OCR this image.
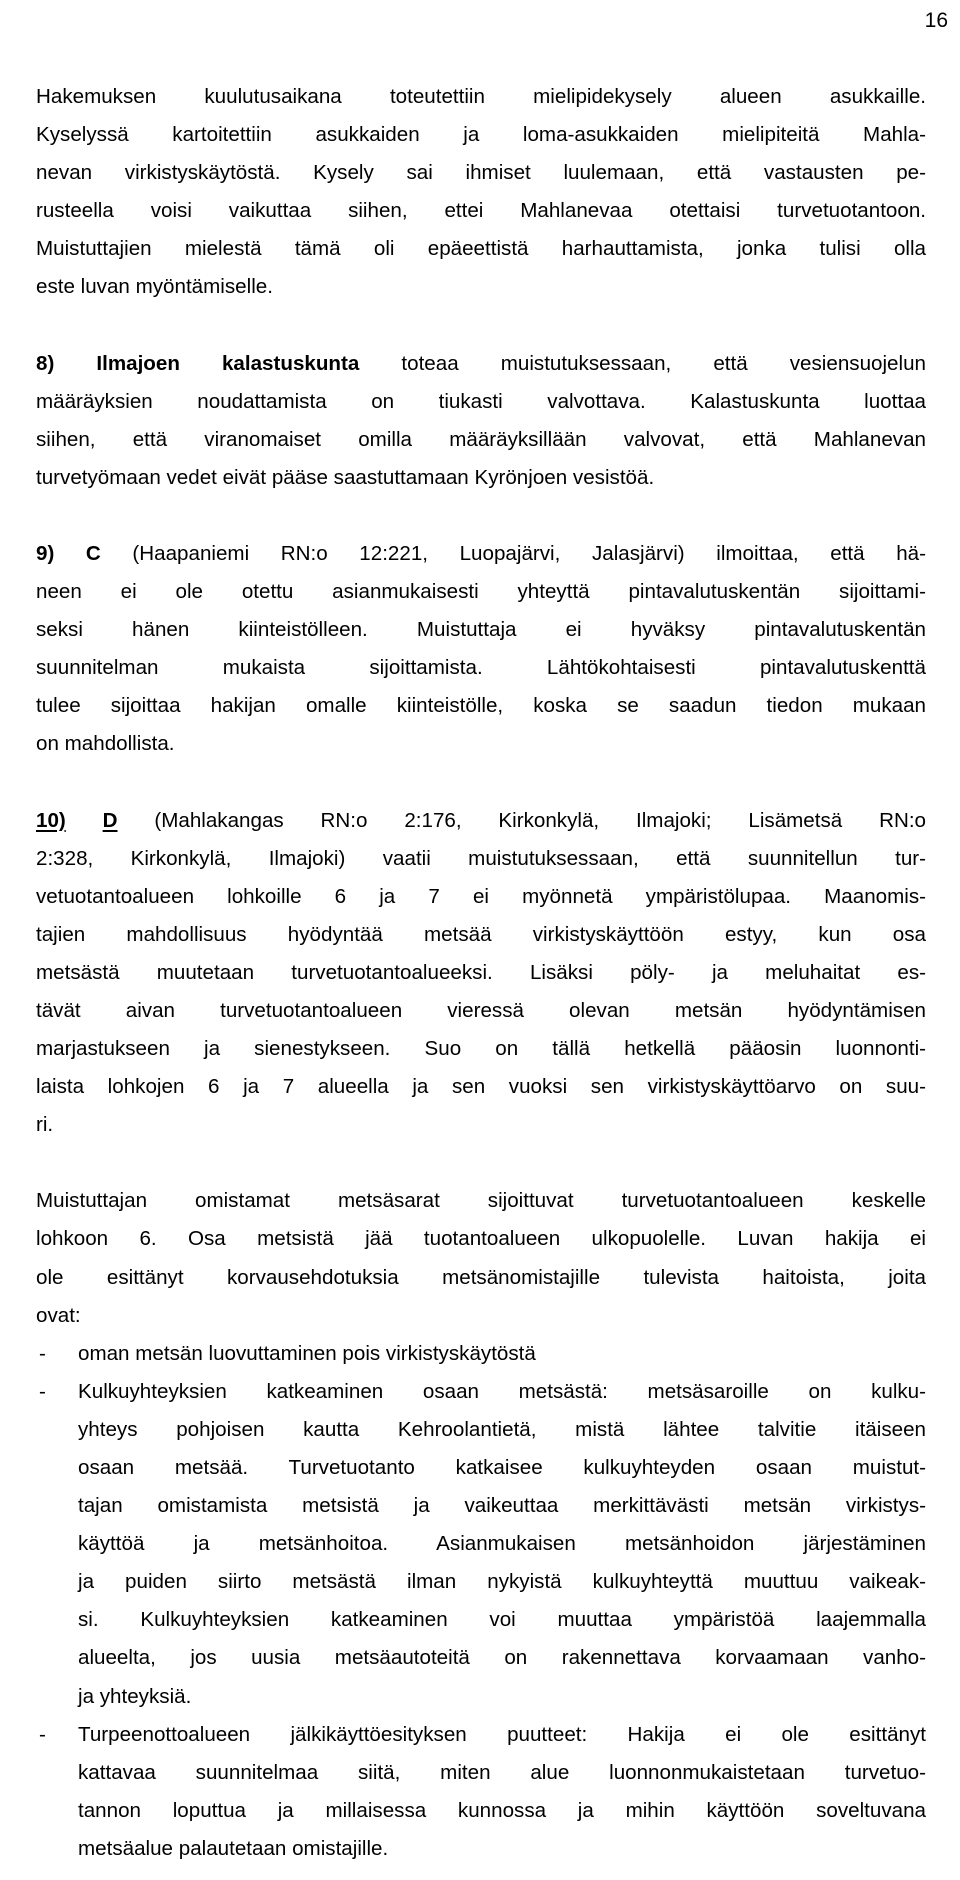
16
Hakemuksen kuulutusaikana toteutettiin mielipidekysely alueen asukkaille.
Kyselyssä kartoitettiin asukkaiden ja loma-asukkaiden mielipiteitä Mahla-
nevan virkistyskäytöstä. Kysely sai ihmiset luulemaan, että vastausten pe-
rusteella voisi vaikuttaa siihen, ettei Mahlanevaa otettaisi turvetuotantoon.
Muistuttajien mielestä tämä oli epäeettistä harhauttamista, jonka tulisi olla
este luvan myöntämiselle.
8) Ilmajoen kalastuskunta toteaa muistutuksessaan, että vesiensuojelun
määräyksien noudattamista on tiukasti valvottava. Kalastuskunta luottaa
siihen, että viranomaiset omilla määräyksillään valvovat, että Mahlanevan
turvetyömaan vedet eivät pääse saastuttamaan Kyrönjoen vesistöä.
9) C (Haapaniemi RN:o 12:221, Luopajärvi, Jalasjärvi) ilmoittaa, että hä-
neen ei ole otettu asianmukaisesti yhteyttä pintavalutuskentän sijoittami-
seksi hänen kiinteistölleen. Muistuttaja ei hyväksy pintavalutuskentän
suunnitelman mukaista sijoittamista. Lähtökohtaisesti pintavalutuskenttä
tulee sijoittaa hakijan omalle kiinteistölle, koska se saadun tiedon mukaan
on mahdollista.
10) D (Mahlakangas RN:o 2:176, Kirkonkylä, Ilmajoki; Lisämetsä RN:o
2:328, Kirkonkylä, Ilmajoki) vaatii muistutuksessaan, että suunnitellun tur-
vetuotantoalueen lohkoille 6 ja 7 ei myönnetä ympäristölupaa. Maanomis-
tajien mahdollisuus hyödyntää metsää virkistyskäyttöön estyy, kun osa
metsästä muutetaan turvetuotantoalueeksi. Lisäksi pöly- ja meluhaitat es-
tävät aivan turvetuotantoalueen vieressä olevan metsän hyödyntämisen
marjastukseen ja sienestykseen. Suo on tällä hetkellä pääosin luonnonti-
laista lohkojen 6 ja 7 alueella ja sen vuoksi sen virkistyskäyttöarvo on suu-
ri.
Muistuttajan omistamat metsäsarat sijoittuvat turvetuotantoalueen keskelle
lohkoon 6. Osa metsistä jää tuotantoalueen ulkopuolelle. Luvan hakija ei
ole esittänyt korvausehdotuksia metsänomistajille tulevista haitoista, joita
ovat:
- oman metsän luovuttaminen pois virkistyskäytöstä
- Kulkuyhteyksien katkeaminen osaan metsästä: metsäsaroille on kulku-
yhteys pohjoisen kautta Kehroolantietä, mistä lähtee talvitie itäiseen
osaan metsää. Turvetuotanto katkaisee kulkuyhteyden osaan muistut-
tajan omistamista metsistä ja vaikeuttaa merkittävästi metsän virkistys-
käyttöä ja metsänhoitoa. Asianmukaisen metsänhoidon järjestäminen
ja puiden siirto metsästä ilman nykyistä kulkuyhteyttä muuttuu vaikeak-
si. Kulkuyhteyksien katkeaminen voi muuttaa ympäristöä laajemmalla
alueelta, jos uusia metsäautoteitä on rakennettava korvaamaan vanho-
ja yhteyksiä.
- Turpeenottoalueen jälkikäyttöesityksen puutteet: Hakija ei ole esittänyt
kattavaa suunnitelmaa siitä, miten alue luonnonmukaistetaan turvetuo-
tannon loputtua ja millaisessa kunnossa ja mihin käyttöön soveltuvana
metsäalue palautetaan omistajille.
